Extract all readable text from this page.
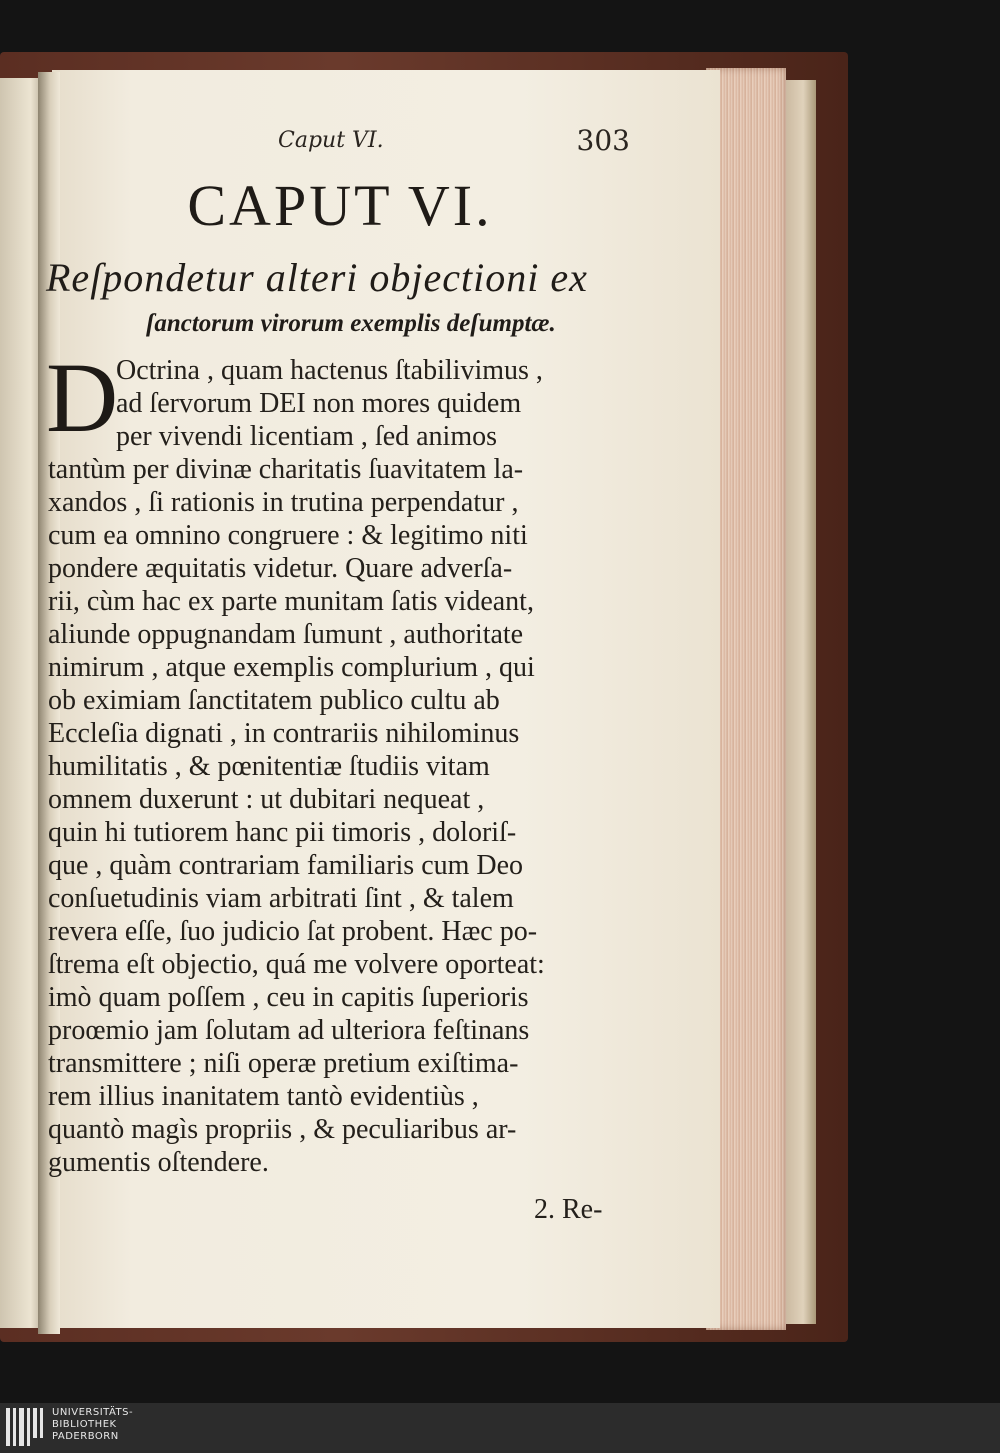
Caput VI.	303
CAPUT VI.
Reſpondetur alteri objectioni ex
ſanctorum virorum exemplis deſumptæ.
D
Octrina , quam hactenus ſtabilivimus ,
ad ſervorum DEI non mores quidem
per vivendi licentiam , ſed animos
tantùm per divinæ charitatis ſuavitatem la-
xandos , ſi rationis in trutina perpendatur ,
cum ea omnino congruere : & legitimo niti
pondere æquitatis videtur. Quare adverſa-
rii, cùm hac ex parte munitam ſatis videant,
aliunde oppugnandam ſumunt , authoritate
nimirum , atque exemplis complurium , qui
ob eximiam ſanctitatem publico cultu ab
Eccleſia dignati , in contrariis nihilominus
humilitatis , & pœnitentiæ ſtudiis vitam
omnem duxerunt : ut dubitari nequeat ,
quin hi tutiorem hanc pii timoris , doloriſ-
que , quàm contrariam familiaris cum Deo
conſuetudinis viam arbitrati ſint , & talem
revera eſſe, ſuo judicio ſat probent. Hæc po-
ſtrema eſt objectio, quá me volvere oporteat:
imò quam poſſem , ceu in capitis ſuperioris
proœmio jam ſolutam ad ulteriora feſtinans
transmittere ; niſi operæ pretium exiſtima-
rem illius inanitatem tantò evidentiùs ,
quantò magìs propriis , & peculiaribus ar-
gumentis oſtendere.
2. Re-
UNIVERSITÄTS-
BIBLIOTHEK
PADERBORN
